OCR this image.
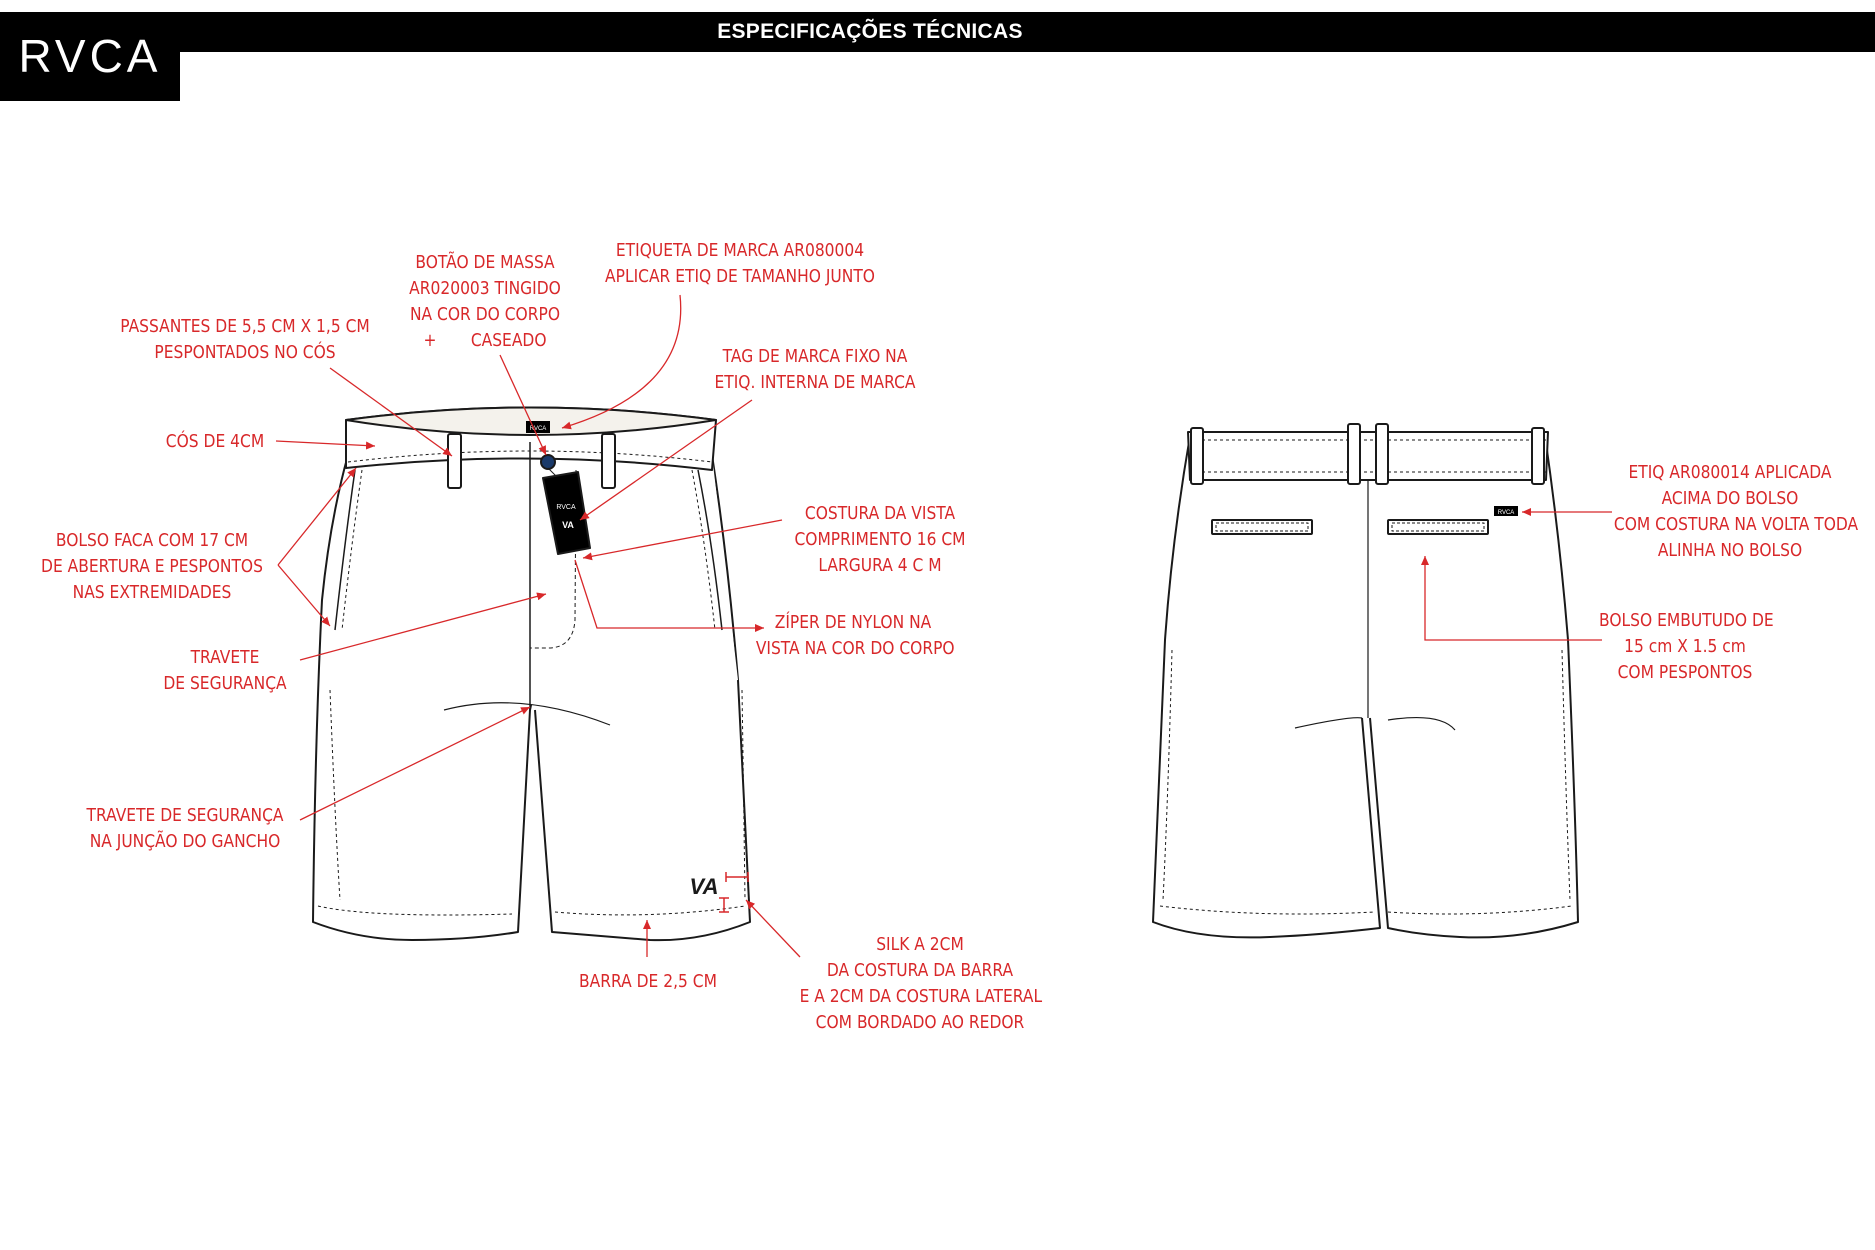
ESPECIFICAÇÕES TÉCNICAS
RVCA
RVCA
RVCA
VA
VA
RVCA
PASSANTES DE 5,5 CM X 1,5 CM
PESPONTADOS NO CÓS
BOTÃO DE MASSA
AR020003 TINGIDO
NA COR DO CORPO
+ CASEADO
ETIQUETA DE MARCA AR080004
APLICAR ETIQ DE TAMANHO JUNTO
TAG DE MARCA FIXO NA
ETIQ. INTERNA DE MARCA
CÓS DE 4CM
BOLSO FACA COM 17 CM
DE ABERTURA E PESPONTOS
NAS EXTREMIDADES
COSTURA DA VISTA
COMPRIMENTO 16 CM
LARGURA 4 C M
ZÍPER DE NYLON NA
VISTA NA COR DO CORPO
TRAVETE
DE SEGURANÇA
TRAVETE DE SEGURANÇA
NA JUNÇÃO DO GANCHO
BARRA DE 2,5 CM
SILK A 2CM
DA COSTURA DA BARRA
E A 2CM DA COSTURA LATERAL
COM BORDADO AO REDOR
ETIQ AR080014 APLICADA
ACIMA DO BOLSO
COM COSTURA NA VOLTA TODA
ALINHA NO BOLSO
BOLSO EMBUTUDO DE
15 cm X 1.5 cm
COM PESPONTOS
